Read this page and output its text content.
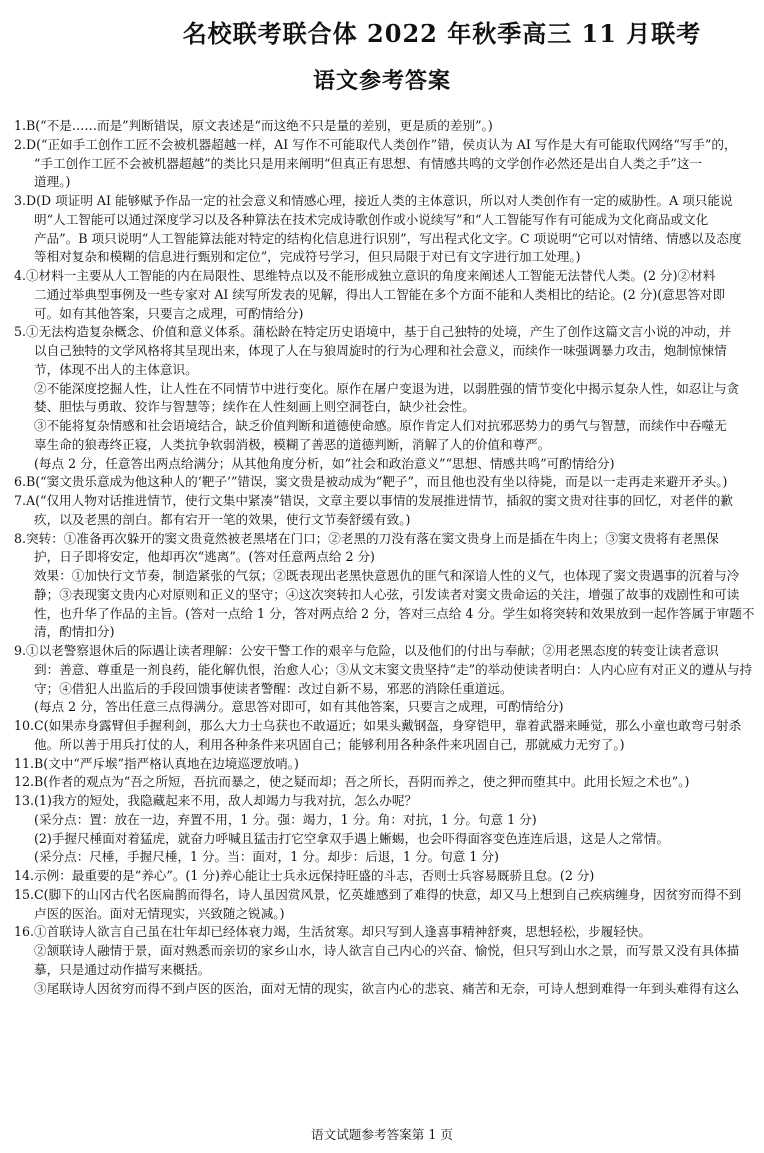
名校联考联合体 2022 年秋季高三 11 月联考
语文参考答案
1.B(“不是……而是”判断错误，原文表述是“而这绝不只是量的差别，更是质的差别”。)
2.D(“正如手工创作工匠不会被机器超越一样，AI 写作不可能取代人类创作”错，侯贞认为 AI 写作是大有可能取代网络“写手”的，
“手工创作工匠不会被机器超越”的类比只是用来阐明“但真正有思想、有情感共鸣的文学创作必然还是出自人类之手”这一
道理。)
3.D(D 项证明 AI 能够赋予作品一定的社会意义和情感心理，接近人类的主体意识，所以对人类创作有一定的威胁性。A 项只能说
明“人工智能可以通过深度学习以及各种算法在技术完成诗歌创作或小说续写”和“人工智能写作有可能成为文化商品或文化
产品”。B 项只说明“人工智能算法能对特定的结构化信息进行识别”，写出程式化文字。C 项说明“它可以对情绪、情感以及态度
等相对复杂和模糊的信息进行甄别和定位”，完成符号学习，但只局限于对已有文字进行加工处理。)
4.①材料一主要从人工智能的内在局限性、思维特点以及不能形成独立意识的角度来阐述人工智能无法替代人类。(2 分)②材料
二通过举典型事例及一些专家对 AI 续写所发表的见解，得出人工智能在多个方面不能和人类相比的结论。(2 分)(意思答对即
可。如有其他答案，只要言之成理，可酌情给分)
5.①无法构造复杂概念、价值和意义体系。蒲松龄在特定历史语境中，基于自己独特的处境，产生了创作这篇文言小说的冲动，并
以自己独特的文学风格将其呈现出来，体现了人在与狼周旋时的行为心理和社会意义，而续作一味强调暴力攻击，炮制惊悚情
节，体现不出人的主体意识。
②不能深度挖掘人性，让人性在不同情节中进行变化。原作在屠户变退为进，以弱胜强的情节变化中揭示复杂人性，如忍让与贪
婪、胆怯与勇敢、狡诈与智慧等；续作在人性刻画上则空洞苍白，缺少社会性。
③不能将复杂情感和社会语境结合，缺乏价值判断和道德使命感。原作肯定人们对抗邪恶势力的勇气与智慧，而续作中吞噬无
辜生命的狼毒终正寝，人类抗争软弱消极，模糊了善恶的道德判断，消解了人的价值和尊严。
(每点 2 分，任意答出两点给满分；从其他角度分析，如“社会和政治意义”“思想、情感共鸣”可酌情给分)
6.B(“窦文贵乐意成为他这种人的‘靶子’”错误，窦文贵是被动成为“靶子”，而且他也没有坐以待毙，而是以一走再走来避开矛头。)
7.A(“仅用人物对话推进情节，使行文集中紧凑”错误，文章主要以事情的发展推进情节，插叙的窦文贵对往事的回忆，对老伴的歉
疚，以及老黑的剖白。都有宕开一笔的效果，使行文节奏舒缓有致。)
8.突转：①准备再次躲开的窦文贵竟然被老黑堵在门口；②老黑的刀没有落在窦文贵身上而是插在牛肉上；③窦文贵将有老黑保
护，日子即将安定，他却再次“逃离”。(答对任意两点给 2 分)
效果：①加快行文节奏，制造紧张的气氛；②既表现出老黑快意恩仇的匪气和深谙人性的义气，也体现了窦文贵遇事的沉着与冷
静；③表现窦文贵内心对原则和正义的坚守；④这次突转扣人心弦，引发读者对窦文贵命运的关注，增强了故事的戏剧性和可读
性，也升华了作品的主旨。(答对一点给 1 分，答对两点给 2 分，答对三点给 4 分。学生如将突转和效果放到一起作答属于审题不
清，酌情扣分)
9.①以老警察退休后的际遇让读者理解：公安干警工作的艰辛与危险，以及他们的付出与奉献；②用老黑态度的转变让读者意识
到：善意、尊重是一剂良药，能化解仇恨，治愈人心；③从文末窦文贵坚持“走”的举动使读者明白：人内心应有对正义的遵从与持
守；④借犯人出监后的手段回馈事使读者警醒：改过自新不易，邪恶的消除任重道远。
(每点 2 分，答出任意三点得满分。意思答对即可，如有其他答案，只要言之成理，可酌情给分)
10.C(如果赤身露臂但手握利剑，那么大力士乌获也不敢逼近；如果头戴钢盔，身穿铠甲，靠着武器来睡觉，那么小童也敢弯弓射杀
他。所以善于用兵打仗的人，利用各种条件来巩固自己；能够利用各种条件来巩固自己，那就威力无穷了。)
11.B(文中“严斥堠”指严格认真地在边境巡逻放哨。)
12.B(作者的观点为“吾之所短，吾抗而暴之，使之疑而却；吾之所长，吾阴而养之，使之狎而堕其中。此用长短之术也”。)
13.(1)我方的短处，我隐藏起来不用，敌人却竭力与我对抗，怎么办呢？
(采分点：置：放在一边，弃置不用，1 分。强：竭力，1 分。角：对抗，1 分。句意 1 分)
(2)手握尺棰面对着猛虎，就奋力呼喊且猛击打它空拿双手遇上蜥蜴，也会吓得面容变色连连后退，这是人之常情。
(采分点：尺棰，手握尺棰，1 分。当：面对，1 分。却步：后退，1 分。句意 1 分)
14.示例：最重要的是“养心”。(1 分)养心能让士兵永远保持旺盛的斗志，否则士兵容易厩骄且怠。(2 分)
15.C(脚下的山冈古代名医扁鹊而得名，诗人虽因赏风景，忆英雄感到了难得的快意，却又马上想到自己疾病缠身，因贫穷而得不到
卢医的医治。面对无情现实，兴致随之锐减。)
16.①首联诗人欲言自己虽在壮年却已经体衰力竭，生活贫寒。却只写到人逢喜事精神舒爽，思想轻松，步履轻快。
②颔联诗人融情于景，面对熟悉而亲切的家乡山水，诗人欲言自己内心的兴奋、愉悦，但只写到山水之景，而写景又没有具体描
摹，只是通过动作描写来概括。
③尾联诗人因贫穷而得不到卢医的医治，面对无情的现实，欲言内心的悲哀、痛苦和无奈，可诗人想到难得一年到头难得有这么
语文试题参考答案第 1 页
